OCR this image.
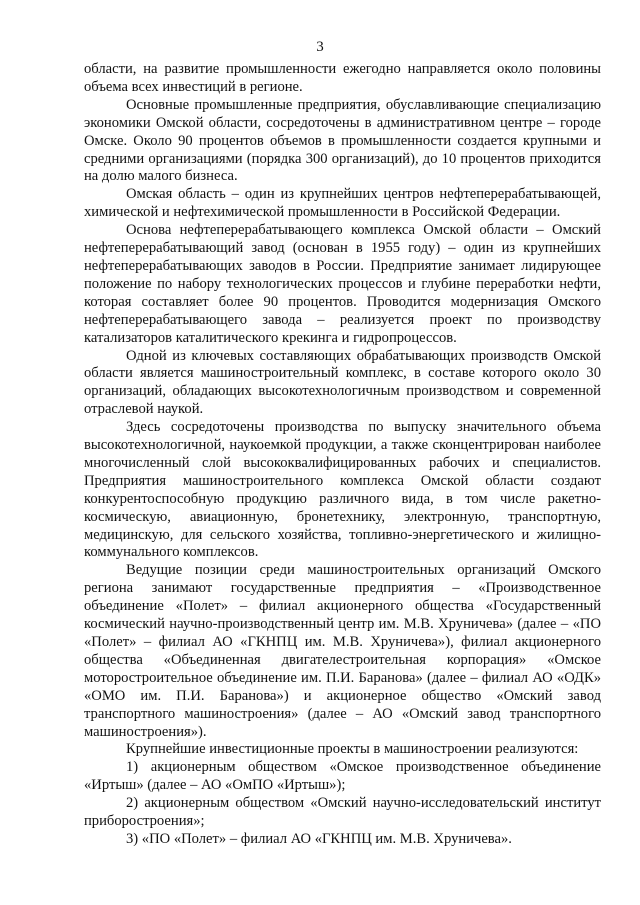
3

области, на развитие промышленности ежегодно направляется около половины объема всех инвестиций в регионе.

Основные промышленные предприятия, обуславливающие специализацию экономики Омской области, сосредоточены в административном центре – городе Омске. Около 90 процентов объемов в промышленности создается крупными и средними организациями (порядка 300 организаций), до 10 процентов приходится на долю малого бизнеса.

Омская область – один из крупнейших центров нефтеперерабатывающей, химической и нефтехимической промышленности в Российской Федерации.

Основа нефтеперерабатывающего комплекса Омской области – Омский нефтеперерабатывающий завод (основан в 1955 году) – один из крупнейших нефтеперерабатывающих заводов в России. Предприятие занимает лидирующее положение по набору технологических процессов и глубине переработки нефти, которая составляет более 90 процентов. Проводится модернизация Омского нефтеперерабатывающего завода – реализуется проект по производству катализаторов каталитического крекинга и гидропроцессов.

Одной из ключевых составляющих обрабатывающих производств Омской области является машиностроительный комплекс, в составе которого около 30 организаций, обладающих высокотехнологичным производством и современной отраслевой наукой.

Здесь сосредоточены производства по выпуску значительного объема высокотехнологичной, наукоемкой продукции, а также сконцентрирован наиболее многочисленный слой высококвалифицированных рабочих и специалистов. Предприятия машиностроительного комплекса Омской области создают конкурентоспособную продукцию различного вида, в том числе ракетно-космическую, авиационную, бронетехнику, электронную, транспортную, медицинскую, для сельского хозяйства, топливно-энергетического и жилищно-коммунального комплексов.

Ведущие позиции среди машиностроительных организаций Омского региона занимают государственные предприятия – «Производственное объединение «Полет» – филиал акционерного общества «Государственный космический научно-производственный центр им. М.В. Хруничева» (далее – «ПО «Полет» – филиал АО «ГКНПЦ им. М.В. Хруничева»), филиал акционерного общества «Объединенная двигателестроительная корпорация» «Омское моторостроительное объединение им. П.И. Баранова» (далее – филиал АО «ОДК» «ОМО им. П.И. Баранова») и акционерное общество «Омский завод транспортного машиностроения» (далее – АО «Омский завод транспортного машиностроения»).

Крупнейшие инвестиционные проекты в машиностроении реализуются:

1) акционерным обществом «Омское производственное объединение «Иртыш» (далее – АО «ОмПО «Иртыш»);

2) акционерным обществом «Омский научно-исследовательский институт приборостроения»;

3) «ПО «Полет» – филиал АО «ГКНПЦ им. М.В. Хруничева».
